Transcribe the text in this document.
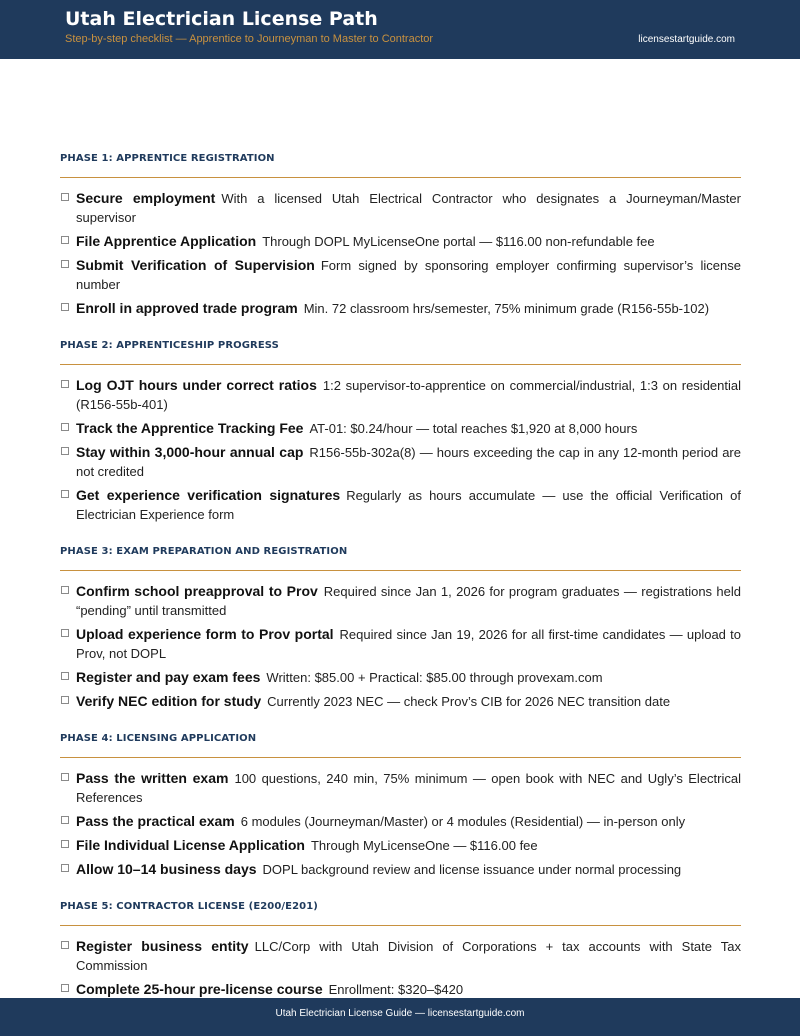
Utah Electrician License Path
Step-by-step checklist — Apprentice to Journeyman to Master to Contractor	licensestartguide.com
PHASE 1: APPRENTICE REGISTRATION
Secure employment With a licensed Utah Electrical Contractor who designates a Journeyman/Master supervisor
File Apprentice Application Through DOPL MyLicenseOne portal — $116.00 non-refundable fee
Submit Verification of Supervision Form signed by sponsoring employer confirming supervisor’s license number
Enroll in approved trade program Min. 72 classroom hrs/semester, 75% minimum grade (R156-55b-102)
PHASE 2: APPRENTICESHIP PROGRESS
Log OJT hours under correct ratios 1:2 supervisor-to-apprentice on commercial/industrial, 1:3 on residential (R156-55b-401)
Track the Apprentice Tracking Fee AT-01: $0.24/hour — total reaches $1,920 at 8,000 hours
Stay within 3,000-hour annual cap R156-55b-302a(8) — hours exceeding the cap in any 12-month period are not credited
Get experience verification signatures Regularly as hours accumulate — use the official Verification of Electrician Experience form
PHASE 3: EXAM PREPARATION AND REGISTRATION
Confirm school preapproval to Prov Required since Jan 1, 2026 for program graduates — registrations held “pending” until transmitted
Upload experience form to Prov portal Required since Jan 19, 2026 for all first-time candidates — upload to Prov, not DOPL
Register and pay exam fees Written: $85.00 + Practical: $85.00 through provexam.com
Verify NEC edition for study Currently 2023 NEC — check Prov’s CIB for 2026 NEC transition date
PHASE 4: LICENSING APPLICATION
Pass the written exam 100 questions, 240 min, 75% minimum — open book with NEC and Ugly’s Electrical References
Pass the practical exam 6 modules (Journeyman/Master) or 4 modules (Residential) — in-person only
File Individual License Application Through MyLicenseOne — $116.00 fee
Allow 10–14 business days DOPL background review and license issuance under normal processing
PHASE 5: CONTRACTOR LICENSE (E200/E201)
Register business entity LLC/Corp with Utah Division of Corporations + tax accounts with State Tax Commission
Complete 25-hour pre-license course Enrollment: $320–$420
Utah Electrician License Guide — licensestartguide.com
